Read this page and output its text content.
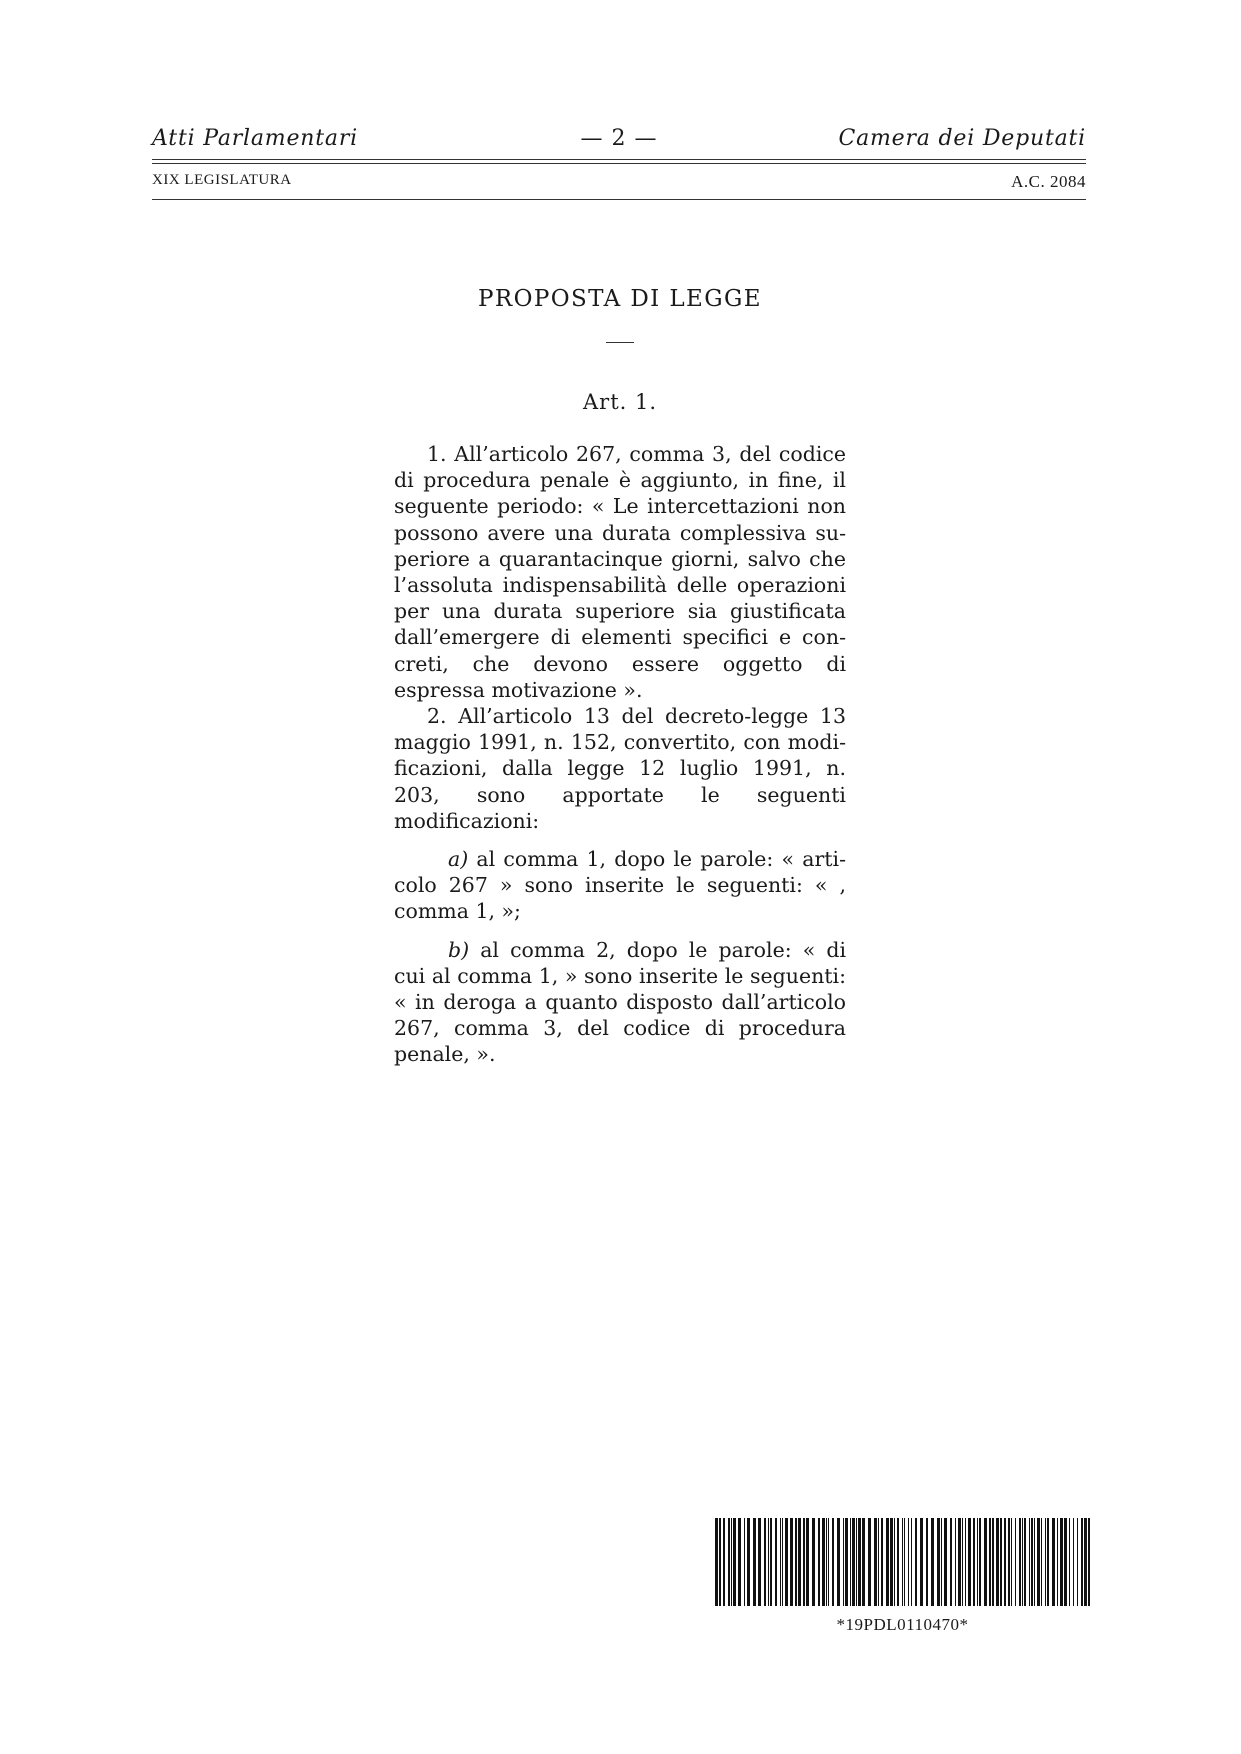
Atti Parlamentari	— 2 —	Camera dei Deputati
XIX LEGISLATURA	A.C. 2084
PROPOSTA DI LEGGE
Art. 1.

1. All’articolo 267, comma 3, del codice di procedura penale è aggiunto, in fine, il seguente periodo: « Le intercettazioni non possono avere una durata complessiva superiore a quarantacinque giorni, salvo che l’assoluta indispensabilità delle operazioni per una durata superiore sia giustificata dall’emergere di elementi specifici e concreti, che devono essere oggetto di espressa motivazione ».

2. All’articolo 13 del decreto-legge 13 maggio 1991, n. 152, convertito, con modificazioni, dalla legge 12 luglio 1991, n. 203, sono apportate le seguenti modificazioni:

a) al comma 1, dopo le parole: « articolo 267 » sono inserite le seguenti: « , comma 1, »;

b) al comma 2, dopo le parole: « di cui al comma 1, » sono inserite le seguenti: « in deroga a quanto disposto dall’articolo 267, comma 3, del codice di procedura penale, ».

*19PDL0110470*
